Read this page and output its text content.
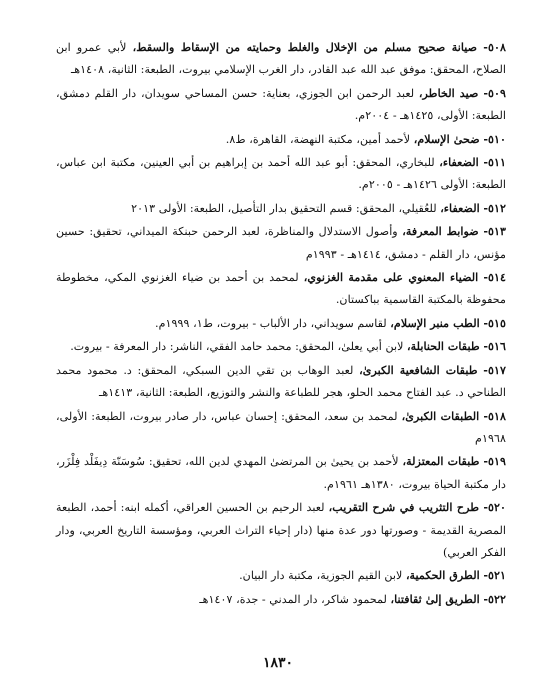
٥٠٨- صيانة صحيح مسلم من الإخلال والغلط وحمايته من الإسقاط والسقط، لأبي عمرو ابن الصلاح، المحقق: موفق عبد الله عبد القادر، دار الغرب الإسلامي بيروت، الطبعة: الثانية، ١٤٠٨هـ

٥٠٩- صيد الخاطر، لعبد الرحمن ابن الجوزي، بعناية: حسن المساحي سويدان، دار القلم دمشق، الطبعة: الأولى، ١٤٢٥هـ - ٢٠٠٤م.

٥١٠- ضحىٰ الإسلام، لأحمد أمين، مكتبة النهضة، القاهرة، ط٨.

٥١١- الضعفاء، للبخاري، المحقق: أبو عبد الله أحمد بن إبراهيم بن أبي العينين، مكتبة ابن عباس، الطبعة: الأولى ١٤٢٦هـ - ٢٠٠٥م.

٥١٢- الضعفاء، للعُقيلي، المحقق: قسم التحقيق بدار التأصيل، الطبعة: الأولى ٢٠١٣

٥١٣- ضوابط المعرفة، وأصول الاستدلال والمناظرة، لعبد الرحمن حبنكة الميداني، تحقيق: حسين مؤنس، دار القلم - دمشق، ١٤١٤هـ - ١٩٩٣م

٥١٤- الضياء المعنوي على مقدمة الغزنوي، لمحمد بن أحمد بن ضياء الغزنوي المكي، مخطوطة محفوظة بالمكتبة القاسمية بباكستان.

٥١٥- الطب منبر الإسلام، لقاسم سويداني، دار الألباب - بيروت، ط١، ١٩٩٩م.

٥١٦- طبقات الحنابلة، لابن أبي يعلىٰ، المحقق: محمد حامد الفقي، الناشر: دار المعرفة - بيروت.

٥١٧- طبقات الشافعية الكبرىٰ، لعبد الوهاب بن تقي الدين السبكي، المحقق: د. محمود محمد الطناحي د. عبد الفتاح محمد الحلو، هجر للطباعة والنشر والتوزيع، الطبعة: الثانية، ١٤١٣هـ

٥١٨- الطبقات الكبرىٰ، لمحمد بن سعد، المحقق: إحسان عباس، دار صادر بيروت، الطبعة: الأولى، ١٩٦٨م

٥١٩- طبقات المعتزلة، لأحمد بن يحيىٰ بن المرتضىٰ المهدي لدين الله، تحقيق: سُوسَنّة دِيفَلْد فِلْزَر، دار مكتبة الحياة بيروت، ١٣٨٠هـ ١٩٦١م.

٥٢٠- طرح التثريب في شرح التقريب، لعبد الرحيم بن الحسين العراقي، أكمله ابنه: أحمد، الطبعة المصرية القديمة - وصورتها دور عدة منها (دار إحياء التراث العربي، ومؤسسة التاريخ العربي، ودار الفكر العربي)

٥٢١- الطرق الحكمية، لابن القيم الجوزية، مكتبة دار البيان.

٥٢٢- الطريق إلىٰ ثقافتنا، لمحمود شاكر، دار المدني - جدة، ١٤٠٧هـ

١٨٣٠
